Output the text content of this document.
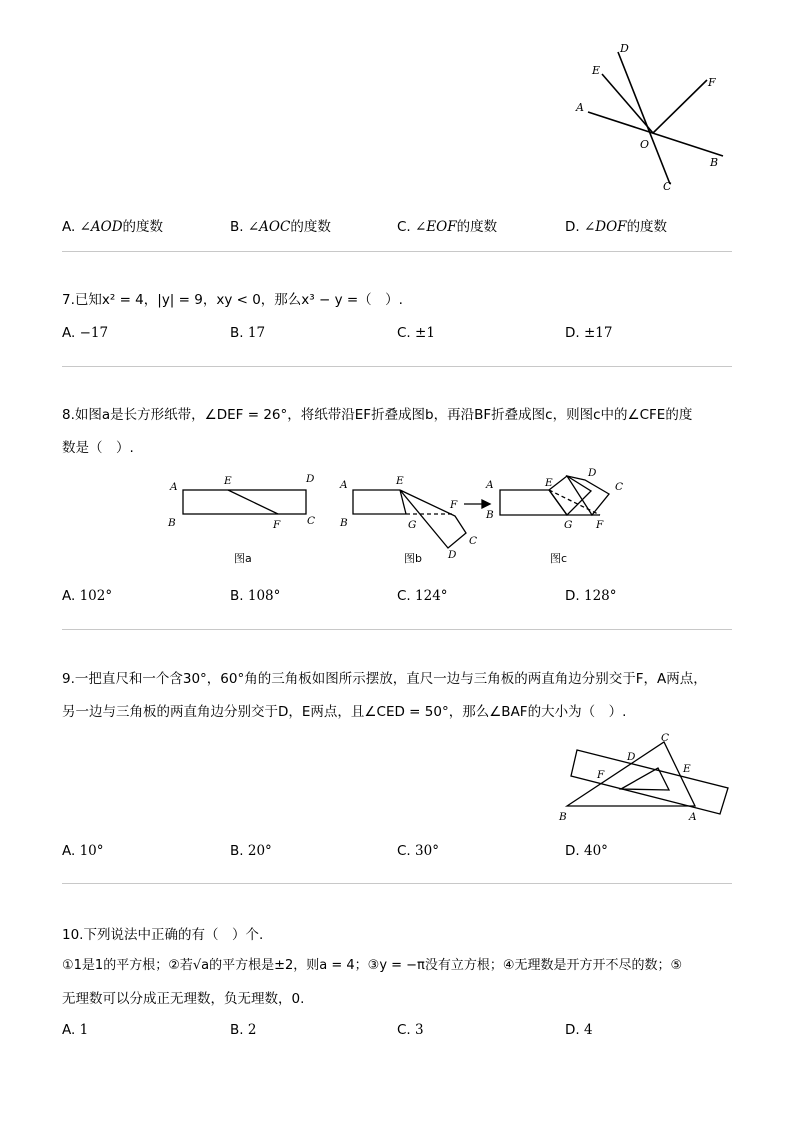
D
E
F
A
O
B
C
A. ∠AOD的度数	B. ∠AOC的度数	C. ∠EOF的度数	D. ∠DOF的度数
7.已知x² = 4，|y| = 9，xy < 0，那么x³ − y =（　）.
A. −17	B. 17	C. ±1	D. ±17
8.如图a是长方形纸带，∠DEF = 26°，将纸带沿EF折叠成图b，再沿BF折叠成图c，则图c中的∠CFE的度
数是（　）.
A
B
E	D
C
F
A
B
E
F
G
C
D
A
B
E
D
C
G F
图a	图b	图c
A. 102°	B. 108°	C. 124°	D. 128°
9.一把直尺和一个含30°，60°角的三角板如图所示摆放，直尺一边与三角板的两直角边分别交于F，A两点，
另一边与三角板的两直角边分别交于D，E两点，且∠CED = 50°，那么∠BAF的大小为（　）.
C
D
E
F
B	A
A. 10°	B. 20°	C. 30°	D. 40°
10.下列说法中正确的有（　）个.
①1是1的平方根；②若√a的平方根是±2，则a = 4；③y = −π没有立方根；④无理数是开方开不尽的数；⑤
无理数可以分成正无理数，负无理数，0.
A. 1	B. 2	C. 3	D. 4
